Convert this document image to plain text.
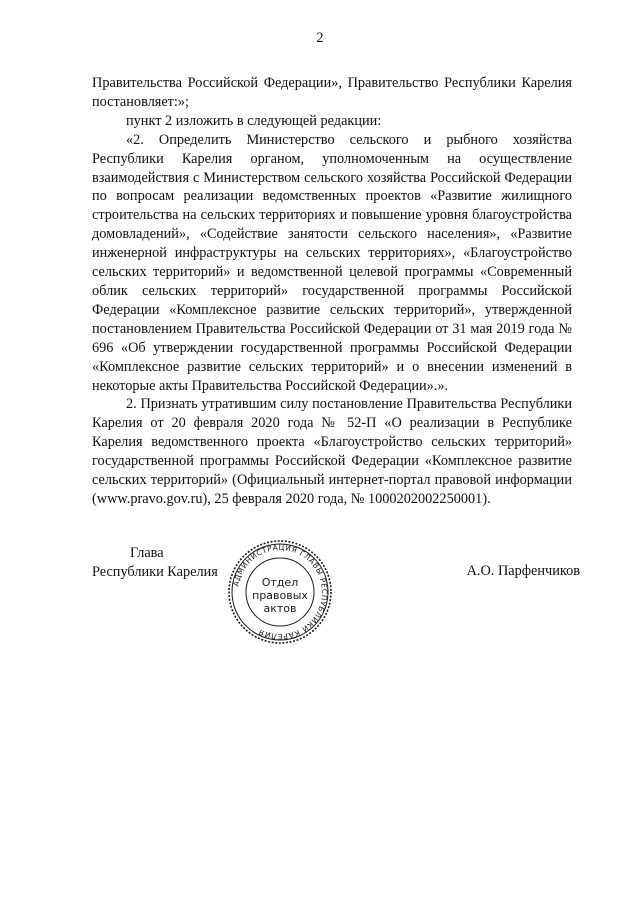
2

Правительства Российской Федерации», Правительство Республики Карелия постановляет:»;

пункт 2 изложить в следующей редакции:

«2. Определить Министерство сельского и рыбного хозяйства Республики Карелия органом, уполномоченным на осуществление взаимодействия с Министерством сельского хозяйства Российской Федерации по вопросам реализации ведомственных проектов «Развитие жилищного строительства на сельских территориях и повышение уровня благоустройства домовладений», «Содействие занятости сельского населения», «Развитие инженерной инфраструктуры на сельских территориях», «Благоустройство сельских территорий» и ведомственной целевой программы «Современный облик сельских территорий» государственной программы Российской Федерации «Комплексное развитие сельских территорий», утвержденной постановлением Правительства Российской Федерации от 31 мая 2019 года № 696 «Об утверждении государственной программы Российской Федерации «Комплексное развитие сельских территорий» и о внесении изменений в некоторые акты Правительства Российской Федерации».».

2. Признать утратившим силу постановление Правительства Республики Карелия от 20 февраля 2020 года № 52-П «О реализации в Республике Карелия ведомственного проекта «Благоустройство сельских территорий» государственной программы Российской Федерации «Комплексное развитие сельских территорий» (Официальный интернет-портал правовой информации (www.pravo.gov.ru), 25 февраля 2020 года, № 1000202002250001).

Глава
Республики Карелия
АДМИНИСТРАЦИЯ ГЛАВЫ РЕСПУБЛИКИ КАРЕЛИЯ
Отдел
правовых
актов
А.О. Парфенчиков
